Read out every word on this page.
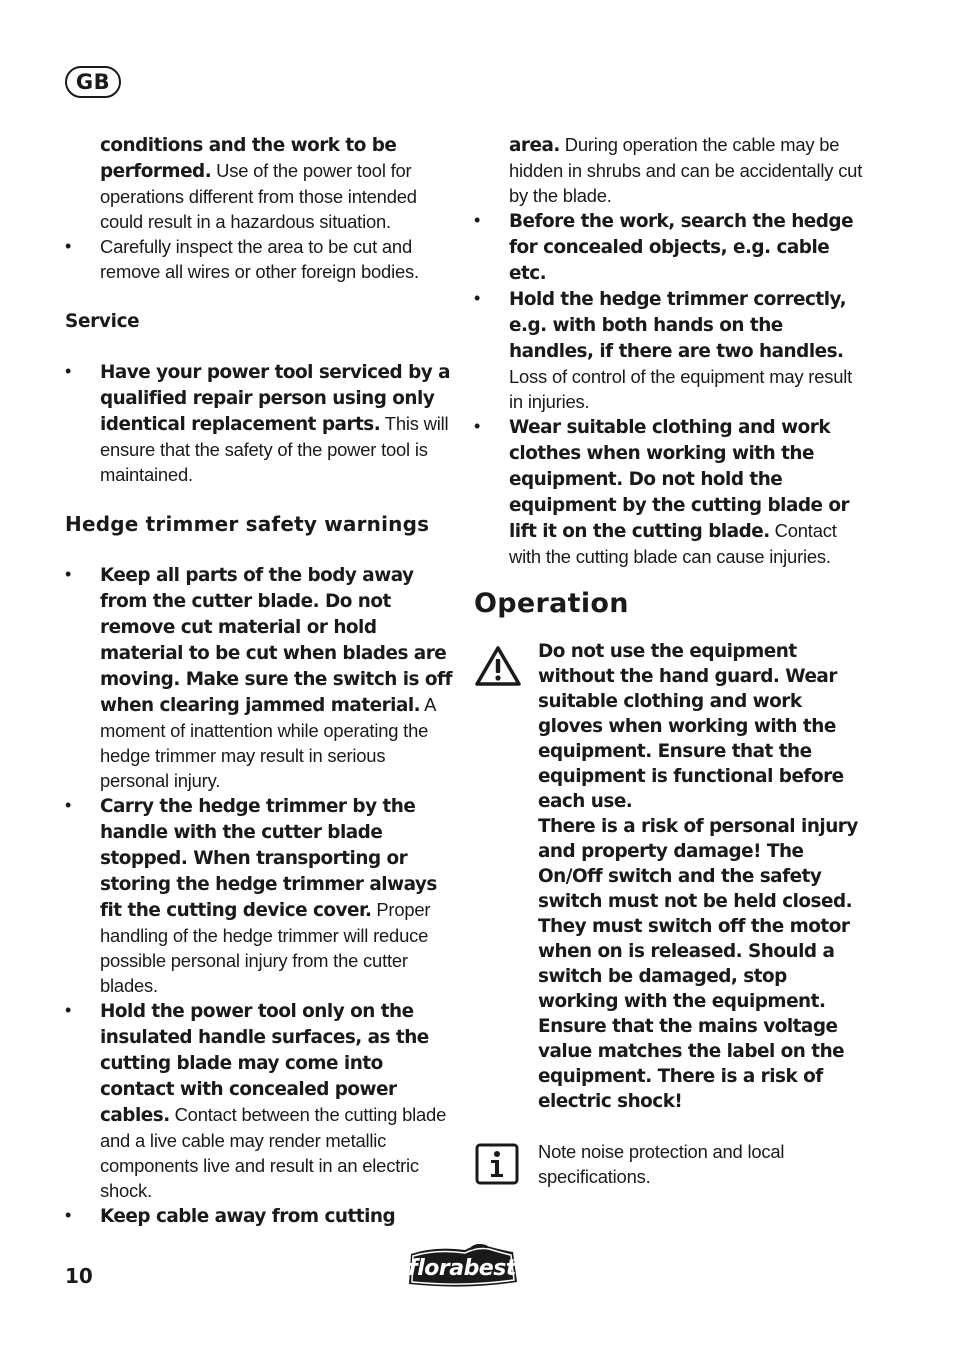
GB
conditions and the work to be performed. Use of the power tool for operations different from those intended could result in a hazardous situation.
• Carefully inspect the area to be cut and remove all wires or other foreign bodies.
Service
• Have your power tool serviced by a qualified repair person using only identical replacement parts. This will ensure that the safety of the power tool is maintained.
Hedge trimmer safety warnings
• Keep all parts of the body away from the cutter blade. Do not remove cut material or hold material to be cut when blades are moving. Make sure the switch is off when clearing jammed material. A moment of inattention while operating the hedge trimmer may result in serious personal injury.
• Carry the hedge trimmer by the handle with the cutter blade stopped. When transporting or storing the hedge trimmer always fit the cutting device cover. Proper handling of the hedge trimmer will reduce possible personal injury from the cutter blades.
• Hold the power tool only on the insulated handle surfaces, as the cutting blade may come into contact with concealed power cables. Contact between the cutting blade and a live cable may render metallic components live and result in an electric shock.
• Keep cable away from cutting
area. During operation the cable may be hidden in shrubs and can be accidentally cut by the blade.
• Before the work, search the hedge for concealed objects, e.g. cable etc.
• Hold the hedge trimmer correctly, e.g. with both hands on the handles, if there are two handles. Loss of control of the equipment may result in injuries.
• Wear suitable clothing and work clothes when working with the equipment. Do not hold the equipment by the cutting blade or lift it on the cutting blade. Contact with the cutting blade can cause injuries.
Operation
Do not use the equipment without the hand guard. Wear suitable clothing and work gloves when working with the equipment. Ensure that the equipment is functional before each use.
There is a risk of personal injury and property damage! The On/Off switch and the safety switch must not be held closed. They must switch off the motor when on is released. Should a switch be damaged, stop working with the equipment. Ensure that the mains voltage value matches the label on the equipment. There is a risk of electric shock!
Note noise protection and local specifications.
10	florabest
